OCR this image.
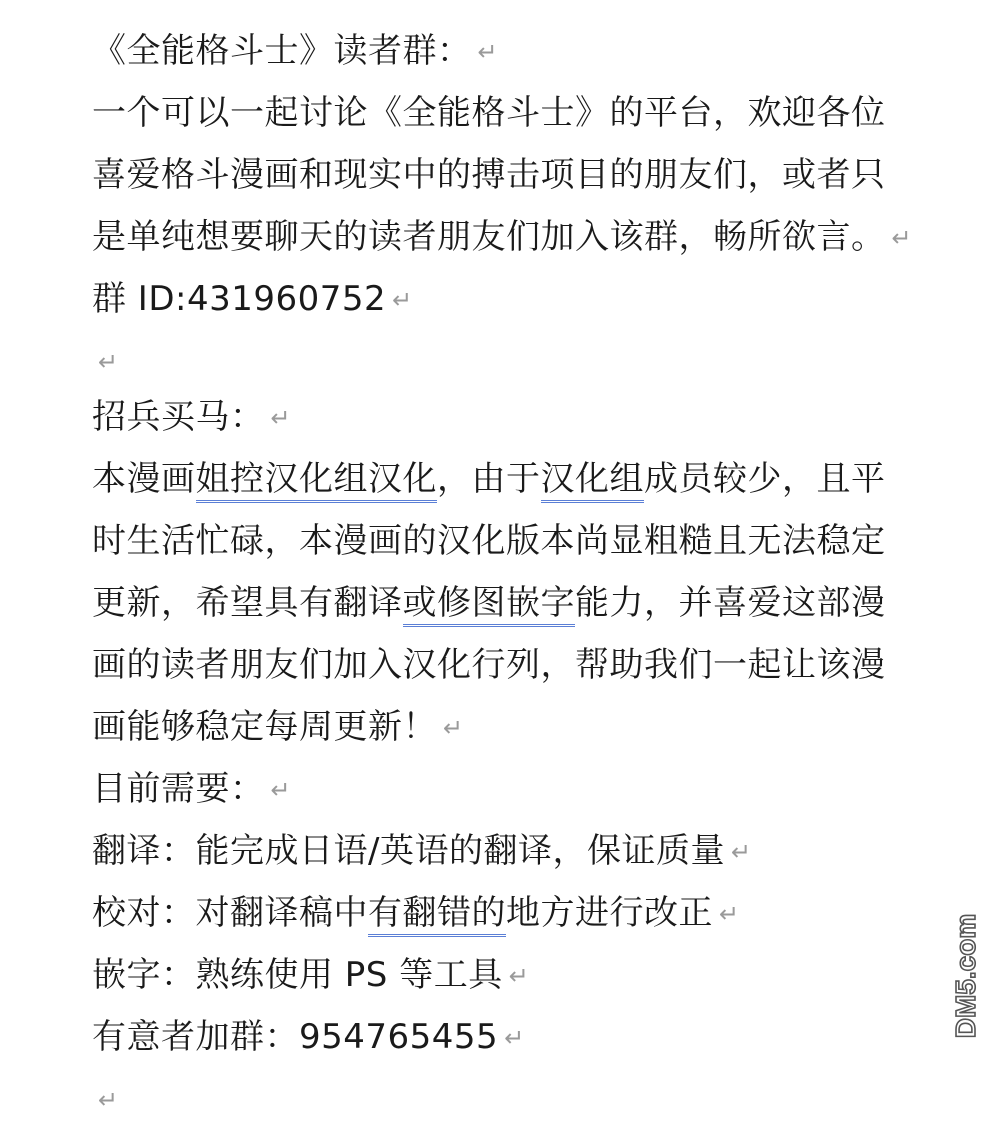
《全能格斗士》读者群： ↵
一个可以一起讨论《全能格斗士》的平台，欢迎各位
喜爱格斗漫画和现实中的搏击项目的朋友们，或者只
是单纯想要聊天的读者朋友们加入该群，畅所欲言。 ↵
群 ID:431960752 ↵
↵
招兵买马： ↵
本漫画姐控汉化组汉化，由于汉化组成员较少，且平
时生活忙碌，本漫画的汉化版本尚显粗糙且无法稳定
更新，希望具有翻译或修图嵌字能力，并喜爱这部漫
画的读者朋友们加入汉化行列，帮助我们一起让该漫
画能够稳定每周更新！ ↵
目前需要： ↵
翻译：能完成日语/英语的翻译，保证质量 ↵
校对：对翻译稿中有翻错的地方进行改正 ↵
嵌字：熟练使用 PS 等工具 ↵
有意者加群：954765455 ↵
↵
DM5.com
